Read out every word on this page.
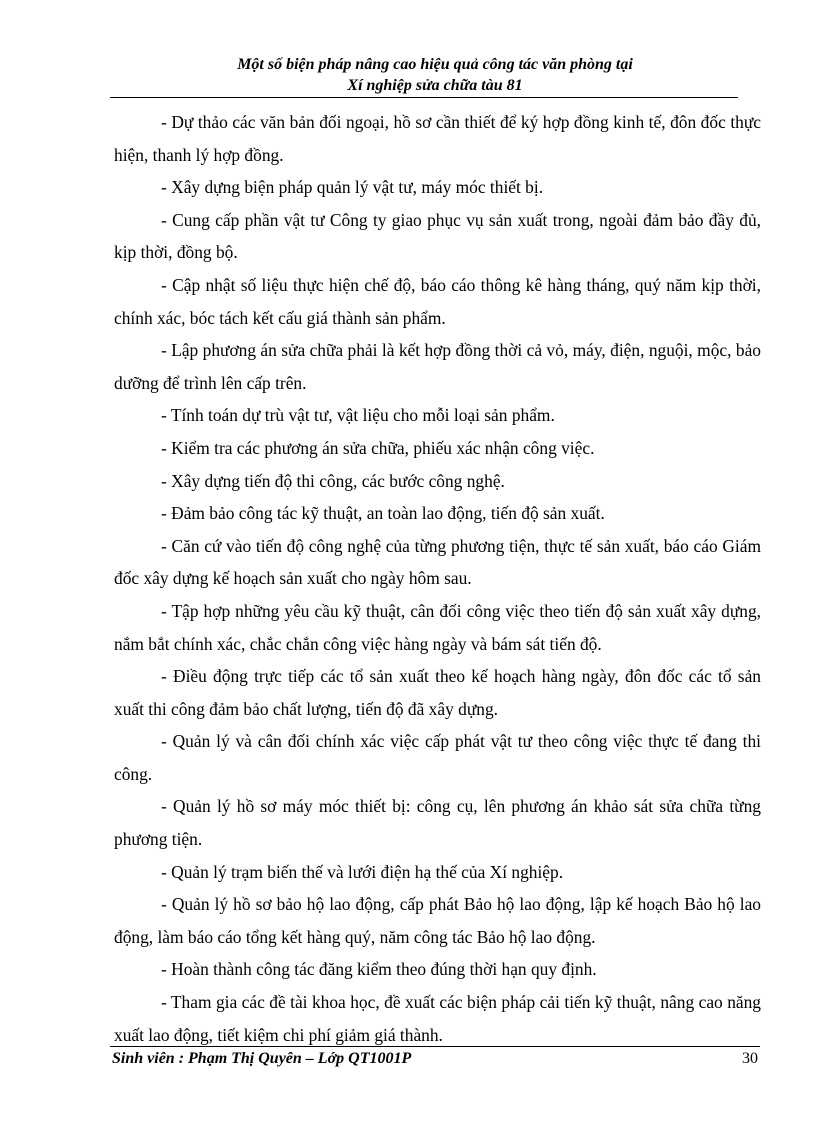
Một số biện pháp nâng cao hiệu quả công tác văn phòng tại
Xí nghiệp sửa chữa tàu 81

- Dự thảo các văn bản đối ngoại, hồ sơ cần thiết để ký hợp đồng kinh tế, đôn đốc thực hiện, thanh lý hợp đồng.

- Xây dựng biện pháp quản lý vật tư, máy móc thiết bị.

- Cung cấp phần vật tư Công ty giao phục vụ sản xuất trong, ngoài đảm bảo đầy đủ, kịp thời, đồng bộ.

- Cập nhật số liệu thực hiện chế độ, báo cáo thông kê hàng tháng, quý năm kịp thời, chính xác, bóc tách kết cấu giá thành sản phẩm.

- Lập phương án sửa chữa phải là kết hợp đồng thời cả vỏ, máy, điện, nguội, mộc, bảo dưỡng để trình lên cấp trên.

- Tính toán dự trù vật tư, vật liệu cho mỗi loại sản phẩm.

- Kiểm tra các phương án sửa chữa, phiếu xác nhận công việc.

- Xây dựng tiến độ thi công, các bước công nghệ.

- Đảm bảo công tác kỹ thuật, an toàn lao động, tiến độ sản xuất.

- Căn cứ vào tiến độ công nghệ của từng phương tiện, thực tế sản xuất, báo cáo Giám đốc xây dựng kế hoạch sản xuất cho ngày hôm sau.

- Tập hợp những yêu cầu kỹ thuật, cân đối công việc theo tiến độ sản xuất xây dựng, nắm bắt chính xác, chắc chắn công việc hàng ngày và bám sát tiến độ.

- Điều động trực tiếp các tổ sản xuất theo kế hoạch hàng ngày, đôn đốc các tổ sản xuất thi công đảm bảo chất lượng, tiến độ đã xây dựng.

- Quản lý và cân đối chính xác việc cấp phát vật tư theo công việc thực tế đang thi công.

- Quản lý hồ sơ máy móc thiết bị: công cụ, lên phương án khảo sát sửa chữa từng phương tiện.

- Quản lý trạm biến thế và lưới điện hạ thế của Xí nghiệp.

- Quản lý hồ sơ bảo hộ lao động, cấp phát Bảo hộ lao động, lập kế hoạch Bảo hộ lao động, làm báo cáo tổng kết hàng quý, năm công tác Bảo hộ lao động.

- Hoàn thành công tác đăng kiểm theo đúng thời hạn quy định.

- Tham gia các đề tài khoa học, đề xuất các biện pháp cải tiến kỹ thuật, nâng cao năng xuất lao động, tiết kiệm chi phí giảm giá thành.

Sinh viên : Phạm Thị Quyên – Lớp QT1001P	30
